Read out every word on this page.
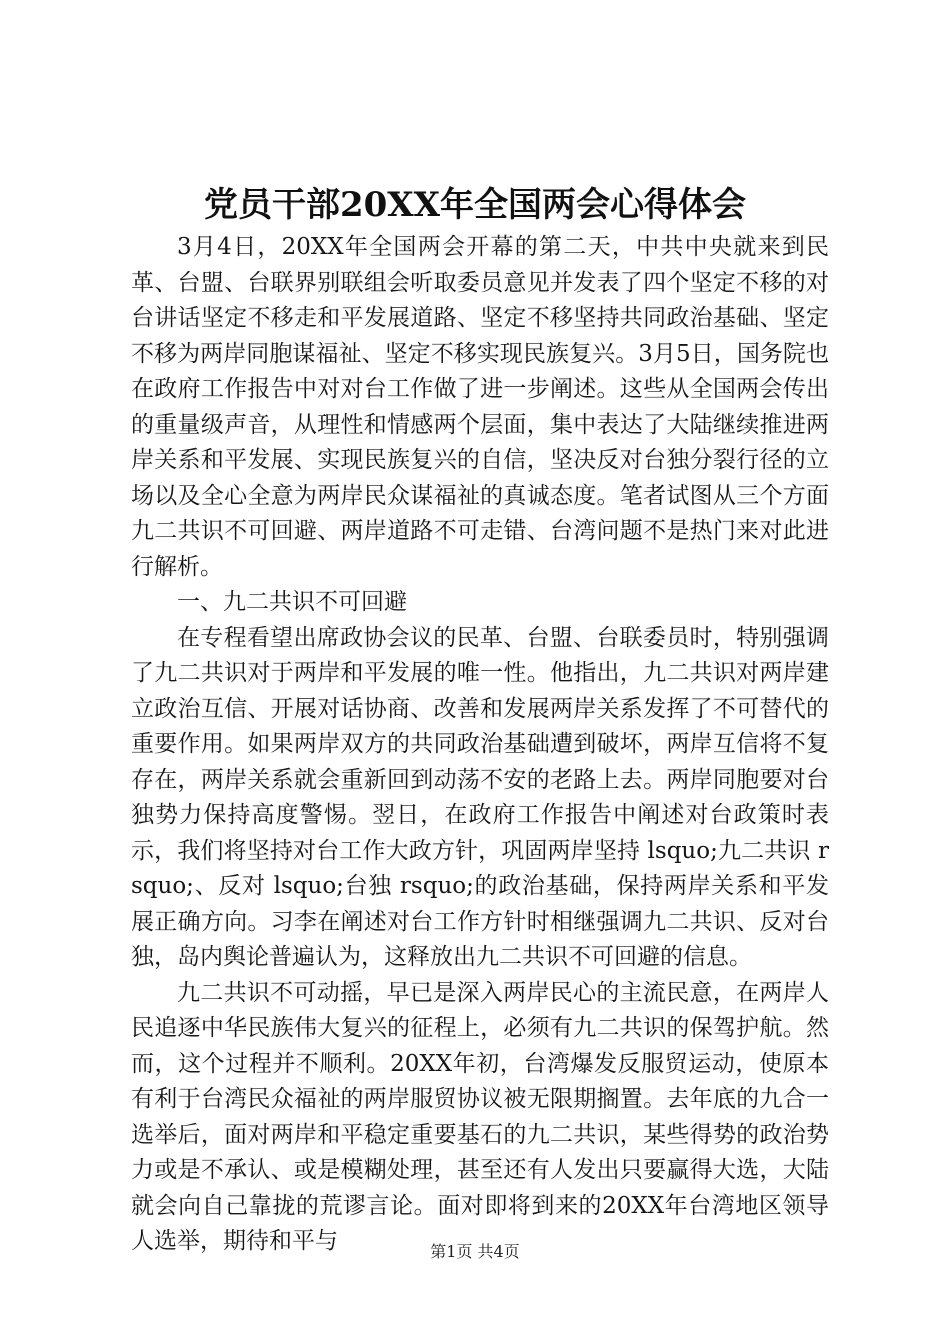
党员干部20XX年全国两会心得体会

3月4日，20XX年全国两会开幕的第二天，中共中央就来到民革、台盟、台联界别联组会听取委员意见并发表了四个坚定不移的对台讲话坚定不移走和平发展道路、坚定不移坚持共同政治基础、坚定不移为两岸同胞谋福祉、坚定不移实现民族复兴。3月5日，国务院也在政府工作报告中对对台工作做了进一步阐述。这些从全国两会传出的重量级声音，从理性和情感两个层面，集中表达了大陆继续推进两岸关系和平发展、实现民族复兴的自信，坚决反对台独分裂行径的立场以及全心全意为两岸民众谋福祉的真诚态度。笔者试图从三个方面九二共识不可回避、两岸道路不可走错、台湾问题不是热门来对此进行解析。

一、九二共识不可回避

在专程看望出席政协会议的民革、台盟、台联委员时，特别强调了九二共识对于两岸和平发展的唯一性。他指出，九二共识对两岸建立政治互信、开展对话协商、改善和发展两岸关系发挥了不可替代的重要作用。如果两岸双方的共同政治基础遭到破坏，两岸互信将不复存在，两岸关系就会重新回到动荡不安的老路上去。两岸同胞要对台独势力保持高度警惕。翌日，在政府工作报告中阐述对台政策时表示，我们将坚持对台工作大政方针，巩固两岸坚持 lsquo;九二共识 rsquo;、反对 lsquo;台独 rsquo;的政治基础，保持两岸关系和平发展正确方向。习李在阐述对台工作方针时相继强调九二共识、反对台独，岛内舆论普遍认为，这释放出九二共识不可回避的信息。

九二共识不可动摇，早已是深入两岸民心的主流民意，在两岸人民追逐中华民族伟大复兴的征程上，必须有九二共识的保驾护航。然而，这个过程并不顺利。20XX年初，台湾爆发反服贸运动，使原本有利于台湾民众福祉的两岸服贸协议被无限期搁置。去年底的九合一选举后，面对两岸和平稳定重要基石的九二共识，某些得势的政治势力或是不承认、或是模糊处理，甚至还有人发出只要赢得大选，大陆就会向自己靠拢的荒谬言论。面对即将到来的20XX年台湾地区领导人选举，期待和平与	第1页 共4页
